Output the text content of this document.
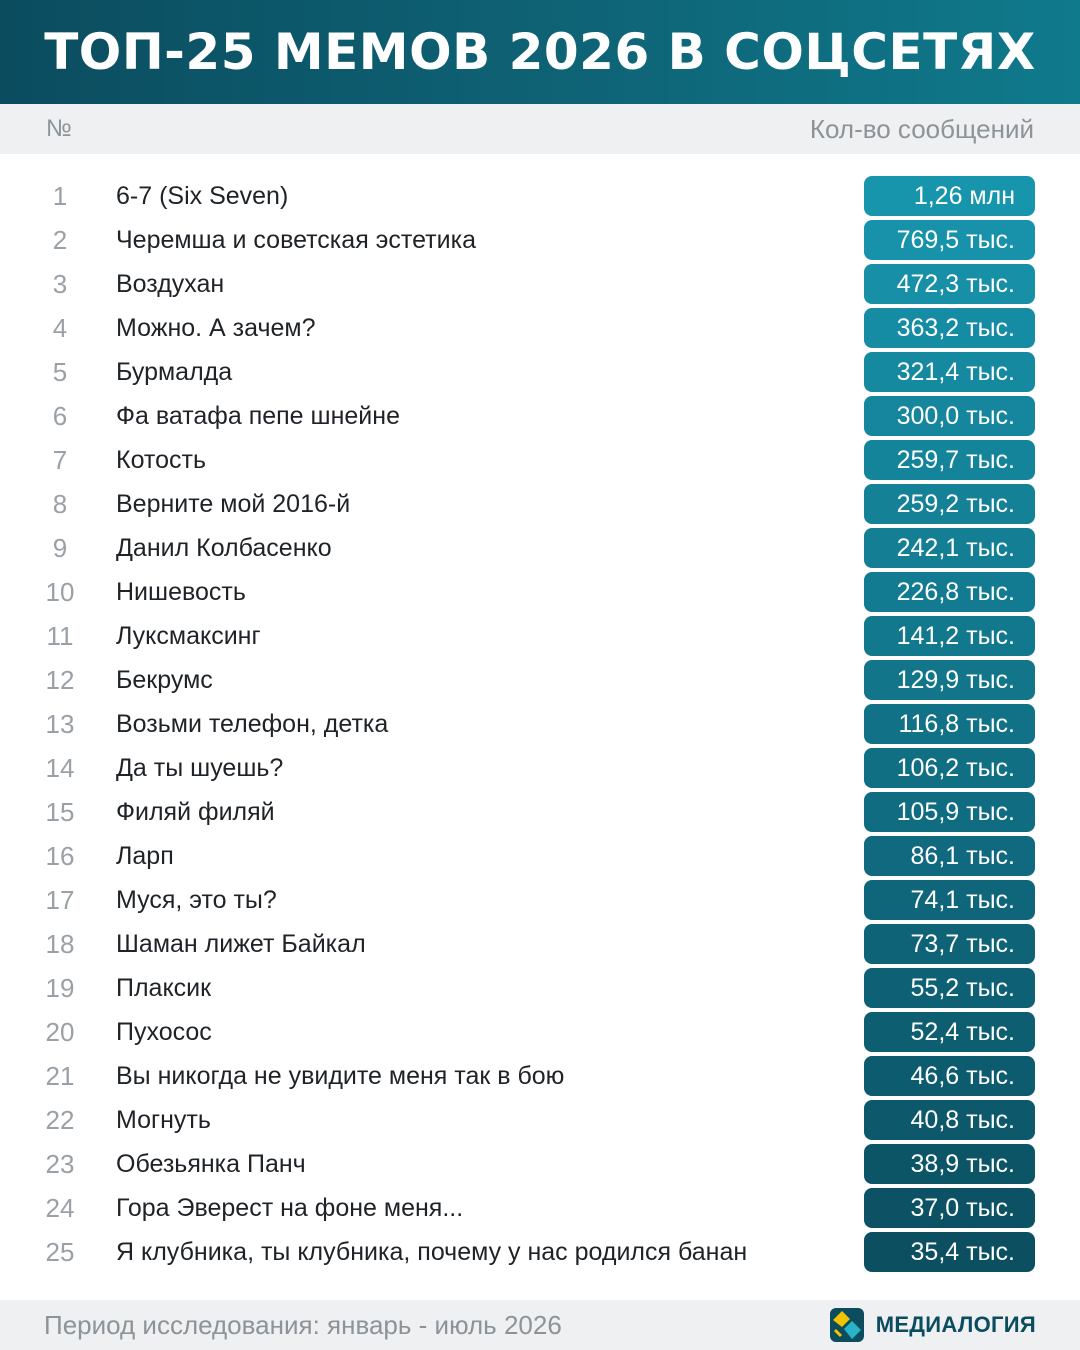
ТОП-25 МЕМОВ 2026 В СОЦСЕТЯХ
№	Кол-во сообщений
1	6-7 (Six Seven)	1,26 млн
2	Черемша и советская эстетика	769,5 тыс.
3	Воздухан	472,3 тыс.
4	Можно. А зачем?	363,2 тыс.
5	Бурмалда	321,4 тыс.
6	Фа ватафа пепе шнейне	300,0 тыс.
7	Котость	259,7 тыс.
8	Верните мой 2016-й	259,2 тыс.
9	Данил Колбасенко	242,1 тыс.
10	Нишевость	226,8 тыс.
11	Луксмаксинг	141,2 тыс.
12	Бекрумс	129,9 тыс.
13	Возьми телефон, детка	116,8 тыс.
14	Да ты шуешь?	106,2 тыс.
15	Филяй филяй	105,9 тыс.
16	Ларп	86,1 тыс.
17	Муся, это ты?	74,1 тыс.
18	Шаман лижет Байкал	73,7 тыс.
19	Плаксик	55,2 тыс.
20	Пухосос	52,4 тыс.
21	Вы никогда не увидите меня так в бою	46,6 тыс.
22	Могнуть	40,8 тыс.
23	Обезьянка Панч	38,9 тыс.
24	Гора Эверест на фоне меня...	37,0 тыс.
25	Я клубника, ты клубника, почему у нас родился банан	35,4 тыс.
Период исследования: январь - июль 2026	МЕДИАЛОГИЯ
